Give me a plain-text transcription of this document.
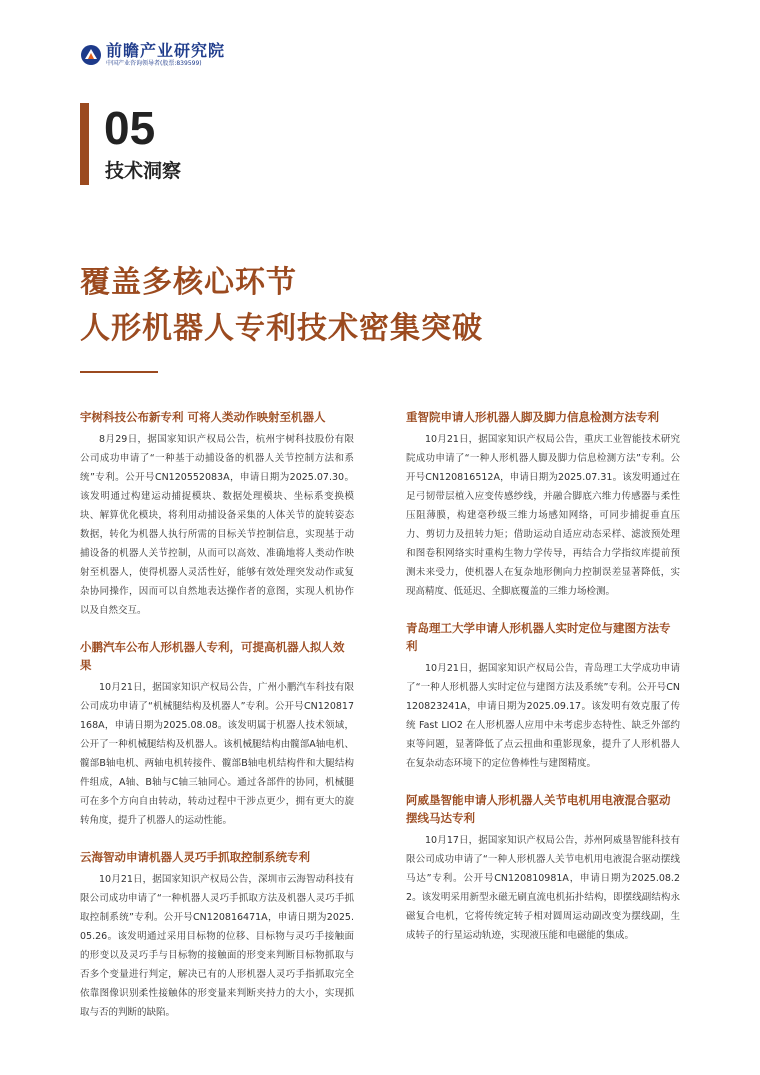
前瞻产业研究院
中国产业咨询领导者(股票:839599)
05
技术洞察
覆盖多核心环节
人形机器人专利技术密集突破

宇树科技公布新专利 可将人类动作映射至机器人

8月29日，据国家知识产权局公告，杭州宇树科技股份有限公司成功申请了“一种基于动捕设备的机器人关节控制方法和系统”专利。公开号CN120552083A，申请日期为2025.07.30。该发明通过构建运动捕捉模块、数据处理模块、坐标系变换模块、解算优化模块，将利用动捕设备采集的人体关节的旋转姿态数据，转化为机器人执行所需的目标关节控制信息，实现基于动捕设备的机器人关节控制，从而可以高效、准确地将人类动作映射至机器人，使得机器人灵活性好，能够有效处理突发动作或复杂协同操作，因而可以自然地表达操作者的意图，实现人机协作以及自然交互。

小鹏汽车公布人形机器人专利，可提高机器人拟人效果

10月21日，据国家知识产权局公告，广州小鹏汽车科技有限公司成功申请了“机械腿结构及机器人”专利。公开号CN120817168A，申请日期为2025.08.08。该发明属于机器人技术领域，公开了一种机械腿结构及机器人。该机械腿结构由髋部A轴电机、髋部B轴电机、两轴电机转接件、髋部B轴电机结构件和大腿结构件组成，A轴、B轴与C轴三轴同心。通过各部件的协同，机械腿可在多个方向自由转动，转动过程中干涉点更少，拥有更大的旋转角度，提升了机器人的运动性能。

云海智动申请机器人灵巧手抓取控制系统专利

10月21日，据国家知识产权局公告，深圳市云海智动科技有限公司成功申请了“一种机器人灵巧手抓取方法及机器人灵巧手抓取控制系统”专利。公开号CN120816471A，申请日期为2025.05.26。该发明通过采用目标物的位移、目标物与灵巧手接触面的形变以及灵巧手与目标物的接触面的形变来判断目标物抓取与否多个变量进行判定，解决已有的人形机器人灵巧手指抓取完全依靠图像识别柔性接触体的形变量来判断夹持力的大小，实现抓取与否的判断的缺陷。

重智院申请人形机器人脚及脚力信息检测方法专利

10月21日，据国家知识产权局公告，重庆工业智能技术研究院成功申请了“一种人形机器人脚及脚力信息检测方法”专利。公开号CN120816512A，申请日期为2025.07.31。该发明通过在足弓韧带层植入应变传感纱线，并融合脚底六维力传感器与柔性压阻薄膜，构建毫秒级三维力场感知网络，可同步捕捉垂直压力、剪切力及扭转力矩；借助运动自适应动态采样、滤波预处理和图卷积网络实时重构生物力学传导，再结合力学指纹库提前预测未来受力，使机器人在复杂地形侧向力控制误差显著降低，实现高精度、低延迟、全脚底覆盖的三维力场检测。

青岛理工大学申请人形机器人实时定位与建图方法专利

10月21日，据国家知识产权局公告，青岛理工大学成功申请了“一种人形机器人实时定位与建图方法及系统”专利。公开号CN120823241A，申请日期为2025.09.17。该发明有效克服了传统 Fast LIO2 在人形机器人应用中未考虑步态特性、缺乏外部约束等问题，显著降低了点云扭曲和重影现象，提升了人形机器人在复杂动态环境下的定位鲁棒性与建图精度。

阿威垦智能申请人形机器人关节电机用电液混合驱动摆线马达专利

10月17日，据国家知识产权局公告，苏州阿威垦智能科技有限公司成功申请了“一种人形机器人关节电机用电液混合驱动摆线马达”专利。公开号CN120810981A，申请日期为2025.08.22。该发明采用新型永磁无刷直流电机拓扑结构，即摆线副结构永磁复合电机，它将传统定转子相对圆周运动副改变为摆线副，生成转子的行星运动轨迹，实现液压能和电磁能的集成。
